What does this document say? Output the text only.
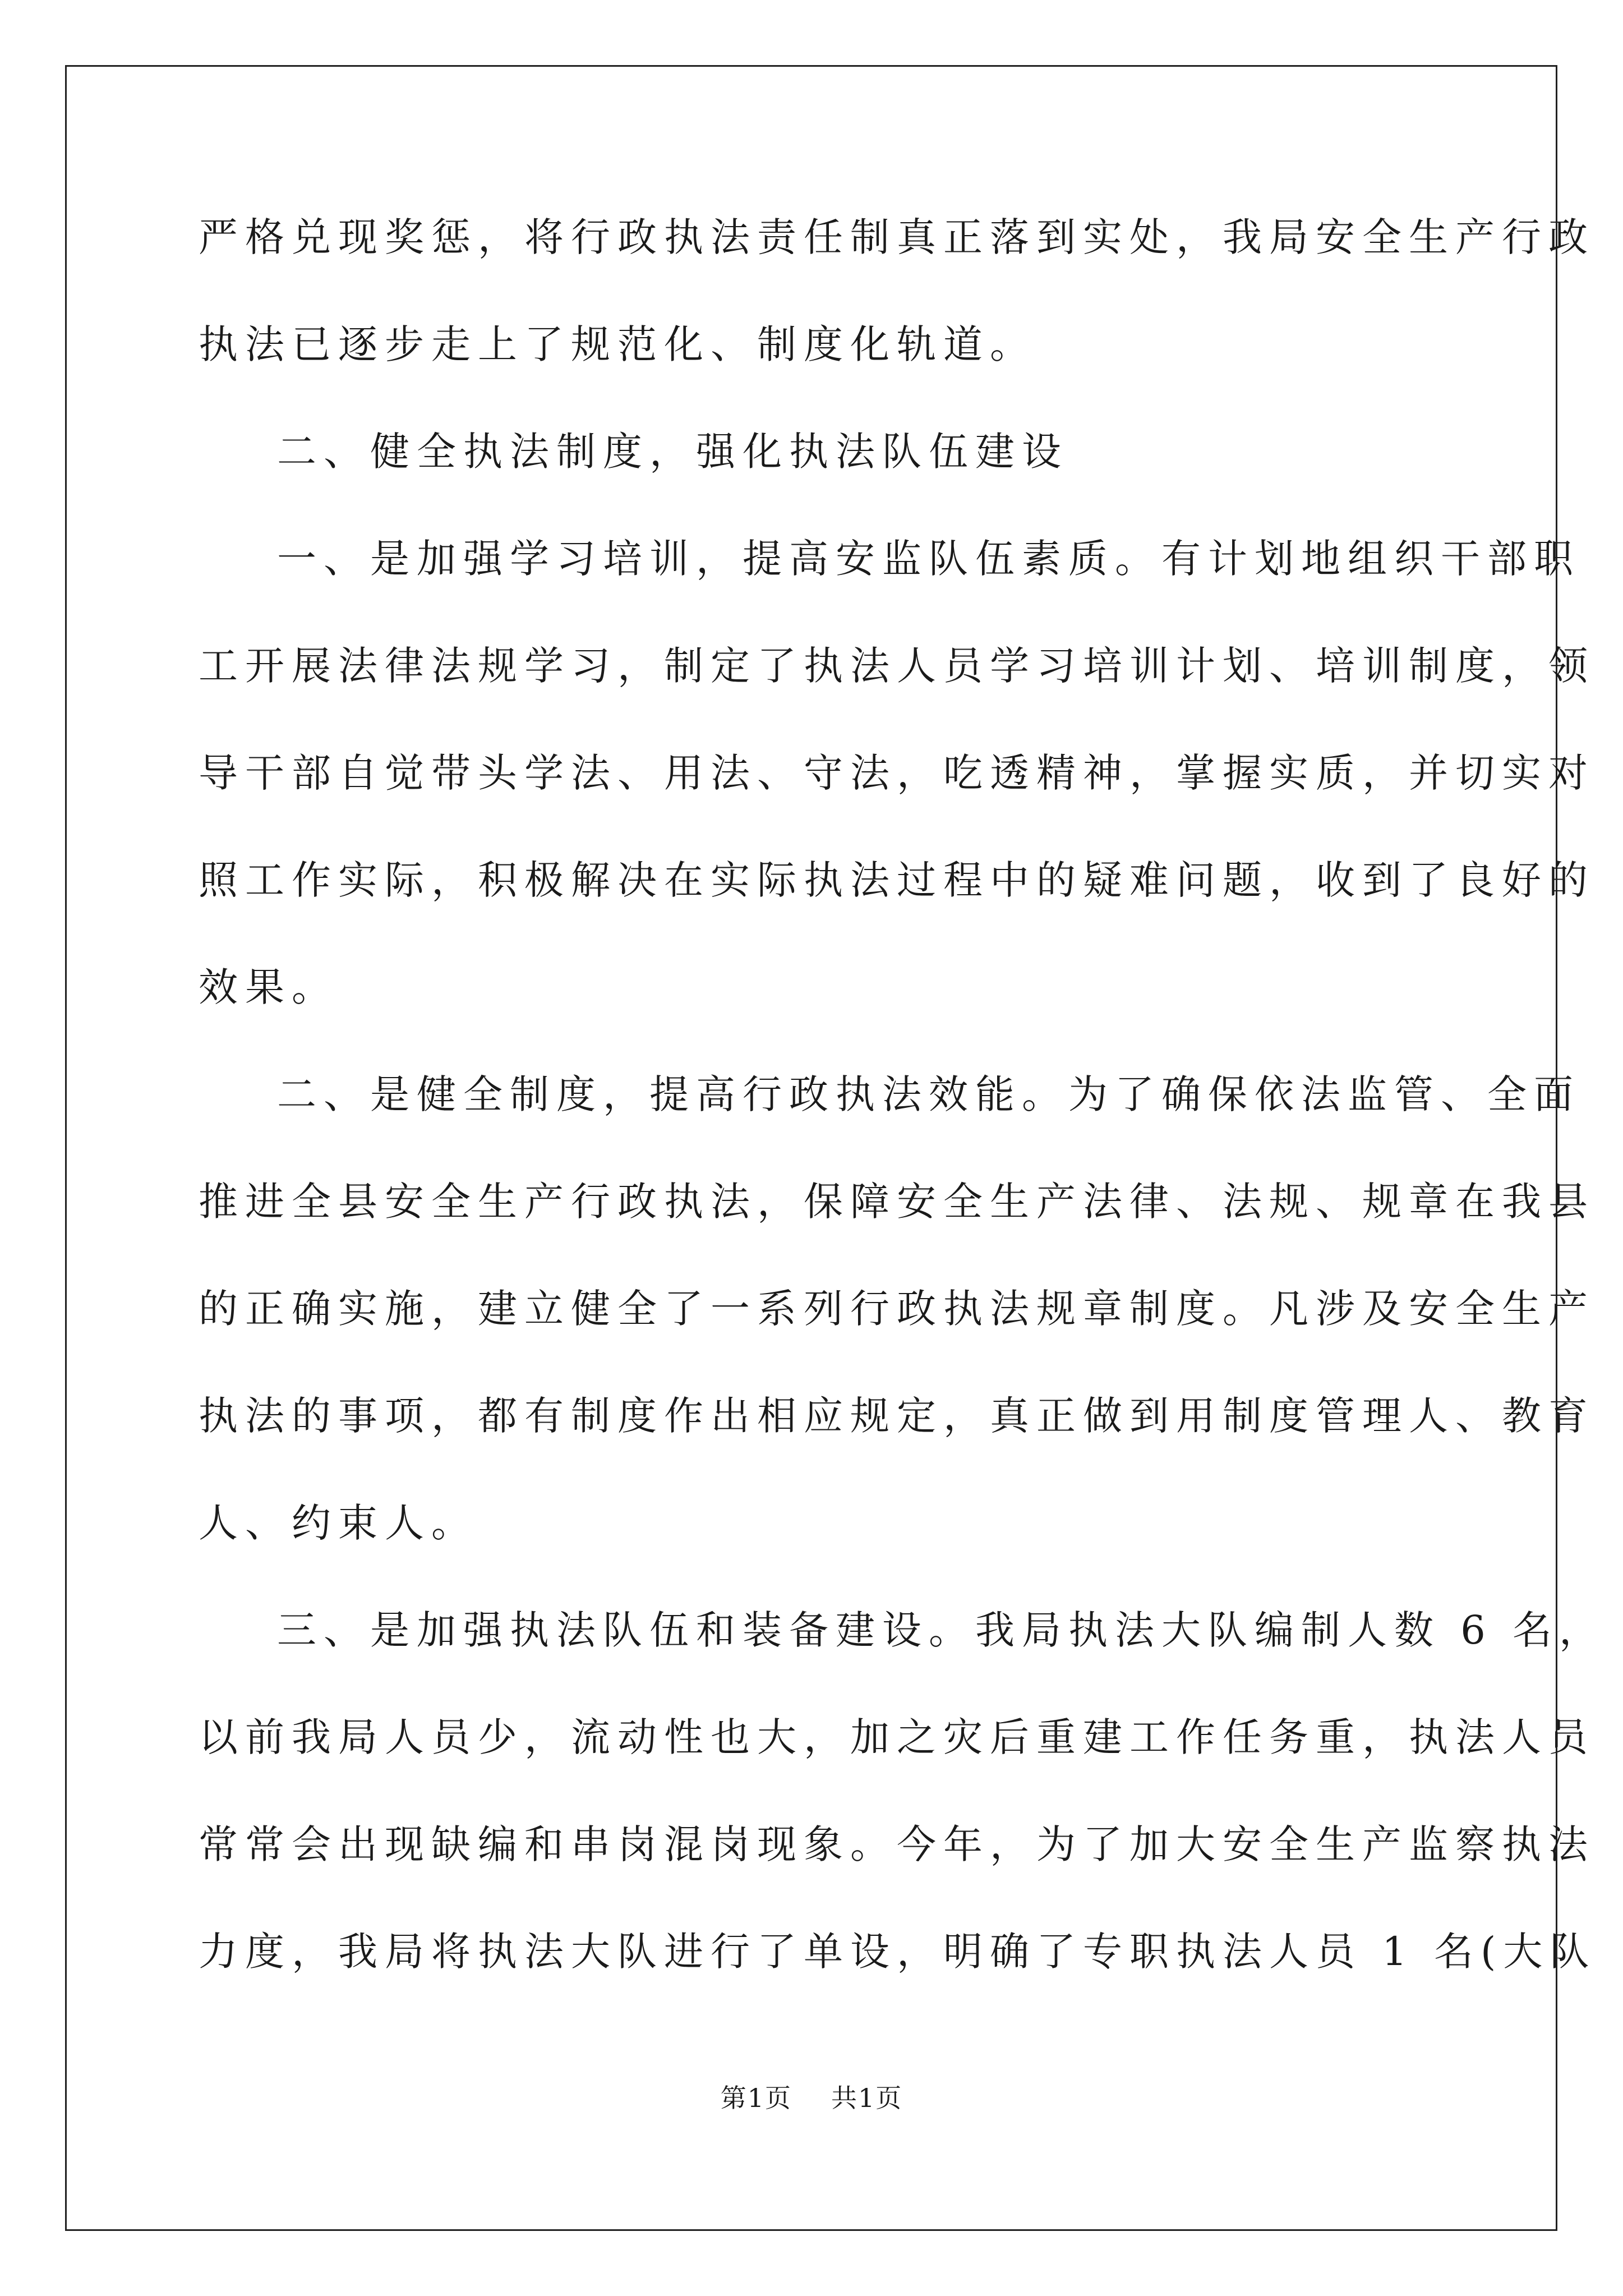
严格兑现奖惩，将行政执法责任制真正落到实处，我局安全生产行政
执法已逐步走上了规范化、制度化轨道。
二、健全执法制度，强化执法队伍建设
一、是加强学习培训，提高安监队伍素质。有计划地组织干部职
工开展法律法规学习，制定了执法人员学习培训计划、培训制度，领
导干部自觉带头学法、用法、守法，吃透精神，掌握实质，并切实对
照工作实际，积极解决在实际执法过程中的疑难问题，收到了良好的
效果。
二、是健全制度，提高行政执法效能。为了确保依法监管、全面
推进全县安全生产行政执法，保障安全生产法律、法规、规章在我县
的正确实施，建立健全了一系列行政执法规章制度。凡涉及安全生产
执法的事项，都有制度作出相应规定，真正做到用制度管理人、教育
人、约束人。
三、是加强执法队伍和装备建设。我局执法大队编制人数 6 名，
以前我局人员少，流动性也大，加之灾后重建工作任务重，执法人员
常常会出现缺编和串岗混岗现象。今年，为了加大安全生产监察执法
力度，我局将执法大队进行了单设，明确了专职执法人员 1 名(大队
第1页 共1页
